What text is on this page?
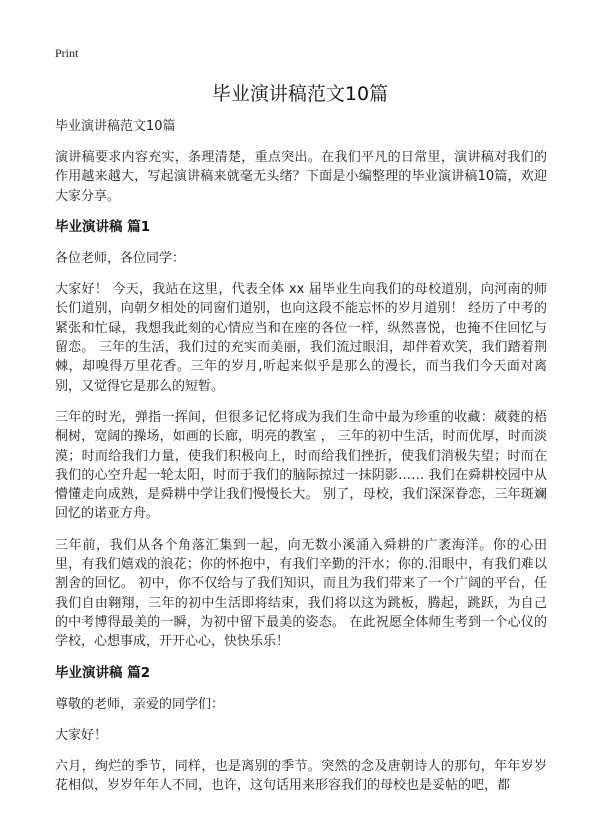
Print
毕业演讲稿范文10篇
毕业演讲稿范文10篇

演讲稿要求内容充实，条理清楚，重点突出。在我们平凡的日常里，演讲稿对我们的作用越来越大，写起演讲稿来就毫无头绪？下面是小编整理的毕业演讲稿10篇，欢迎大家分享。

毕业演讲稿 篇1

各位老师，各位同学：

大家好！ 今天，我站在这里，代表全体 xx 届毕业生向我们的母校道别，向河南的师长们道别，向朝夕相处的同窗们道别，也向这段不能忘怀的岁月道别！ 经历了中考的紧张和忙碌，我想我此刻的心情应当和在座的各位一样，纵然喜悦，也掩不住回忆与留恋。 三年的生活，我们过的充实而美丽，我们流过眼泪，却伴着欢笑，我们踏着荆棘，却嗅得万里花香。三年的岁月,听起来似乎是那么的漫长，而当我们今天面对离别，又觉得它是那么的短暂。

三年的时光，弹指一挥间，但很多记忆将成为我们生命中最为珍重的收藏：葳蕤的梧桐树，宽阔的操场，如画的长廊，明亮的教室 ， 三年的初中生活，时而优厚，时而淡漠；时而给我们力量，使我们积极向上，时而给我们挫折，使我们消极失望；时而在我们的心空升起一轮太阳，时而于我们的脑际掠过一抹阴影…… 我们在舜耕校园中从懵懂走向成熟，是舜耕中学让我们慢慢长大。 别了，母校，我们深深眷恋，三年斑斓回忆的诺亚方舟。

三年前，我们从各个角落汇集到一起，向无数小溪涌入舜耕的广袤海洋。你的心田里，有我们嬉戏的浪花；你的怀抱中，有我们辛勤的汗水；你的.泪眼中，有我们难以割舍的回忆。 初中，你不仅给与了我们知识，而且为我们带来了一个广阔的平台，任我们自由翱翔，三年的初中生活即将结束，我们将以这为跳板，腾起，跳跃，为自己的中考博得最美的一瞬，为初中留下最美的姿态。 在此祝愿全体师生考到一个心仪的学校，心想事成，开开心心，快快乐乐！

毕业演讲稿 篇2

尊敬的老师，亲爱的同学们：

大家好！

六月，绚烂的季节，同样，也是离别的季节。突然的念及唐朝诗人的那句，年年岁岁花相似，岁岁年年人不同，也许，这句话用来形容我们的母校也是妥帖的吧，都
